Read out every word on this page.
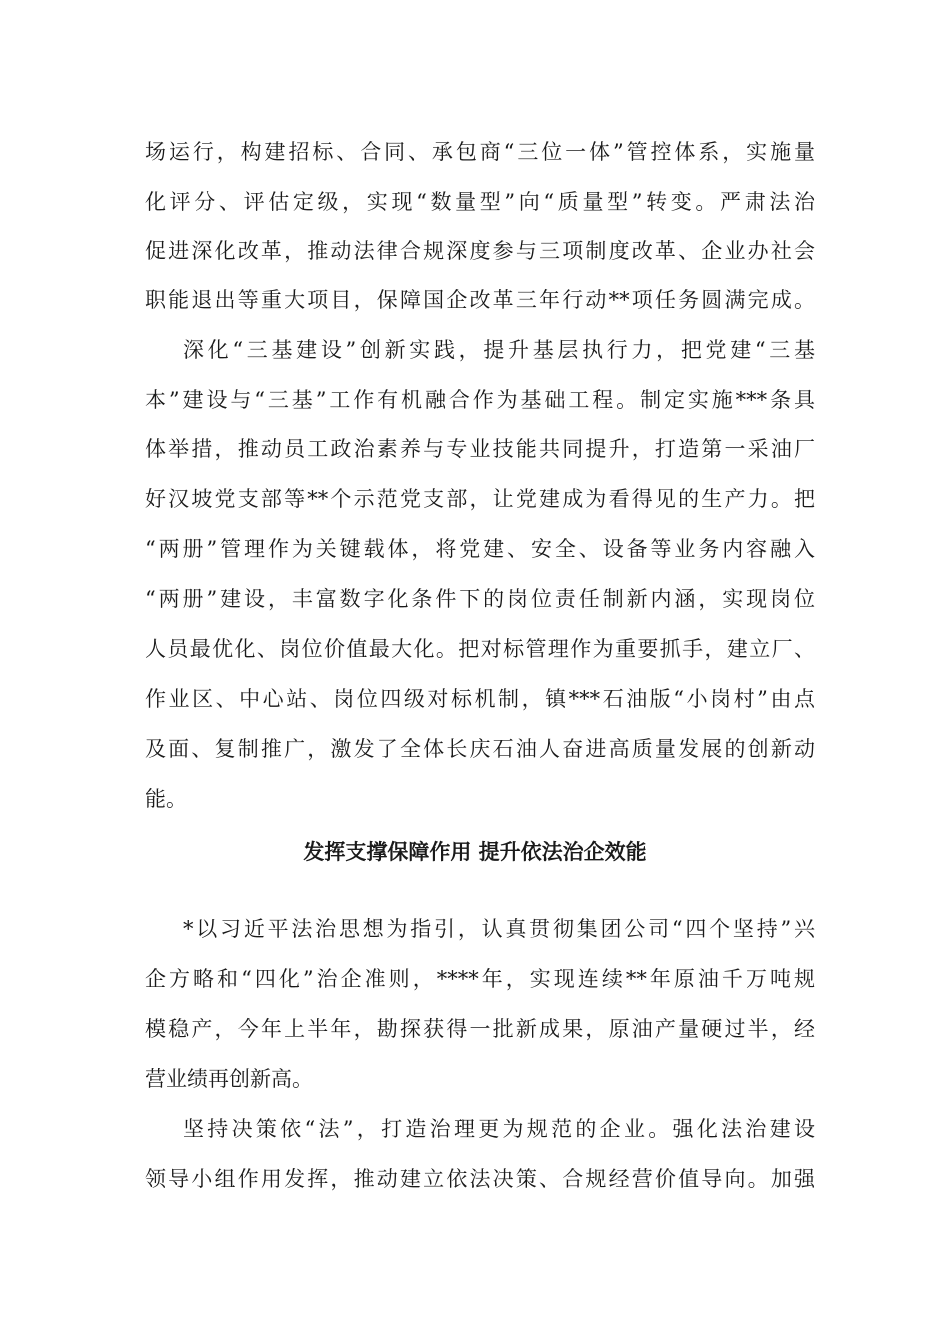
场运行，构建招标、合同、承包商“三位一体”管控体系，实施量
化评分、评估定级，实现“数量型”向“质量型”转变。严肃法治
促进深化改革，推动法律合规深度参与三项制度改革、企业办社会
职能退出等重大项目，保障国企改革三年行动**项任务圆满完成。
深化“三基建设”创新实践，提升基层执行力，把党建“三基
本”建设与“三基”工作有机融合作为基础工程。制定实施***条具
体举措，推动员工政治素养与专业技能共同提升，打造第一采油厂
好汉坡党支部等**个示范党支部，让党建成为看得见的生产力。把
“两册”管理作为关键载体，将党建、安全、设备等业务内容融入
“两册”建设，丰富数字化条件下的岗位责任制新内涵，实现岗位
人员最优化、岗位价值最大化。把对标管理作为重要抓手，建立厂、
作业区、中心站、岗位四级对标机制，镇***石油版“小岗村”由点
及面、复制推广，激发了全体长庆石油人奋进高质量发展的创新动
能。
发挥支撑保障作用 提升依法治企效能
*以习近平法治思想为指引，认真贯彻集团公司“四个坚持”兴
企方略和“四化”治企准则，****年，实现连续**年原油千万吨规
模稳产，今年上半年，勘探获得一批新成果，原油产量硬过半，经
营业绩再创新高。
坚持决策依“法”，打造治理更为规范的企业。强化法治建设
领导小组作用发挥，推动建立依法决策、合规经营价值导向。加强
